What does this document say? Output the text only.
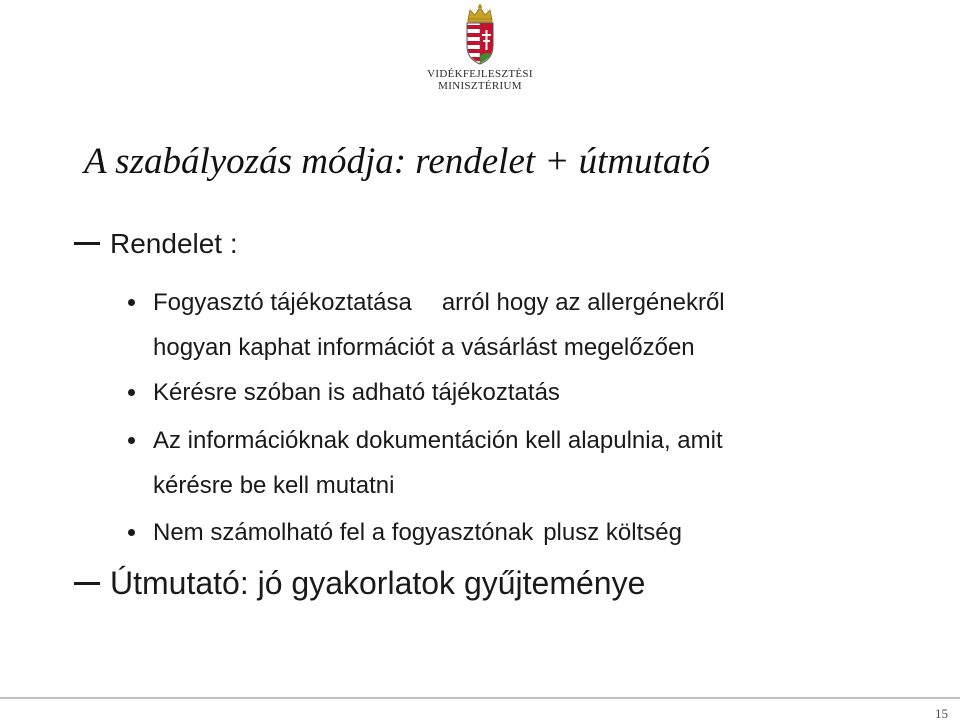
VIDÉKFEJLESZTÉSI
MINISZTÉRIUM
A szabályozás módja: rendelet + útmutató
Rendelet :
Fogyasztó tájékoztatása arról hogy az allergénekről
hogyan kaphat információt a vásárlást megelőzően
Kérésre szóban is adható tájékoztatás
Az információknak dokumentáción kell alapulnia, amit
kérésre be kell mutatni
Nem számolható fel a fogyasztónak plusz költség
Útmutató: jó gyakorlatok gyűjteménye
15
